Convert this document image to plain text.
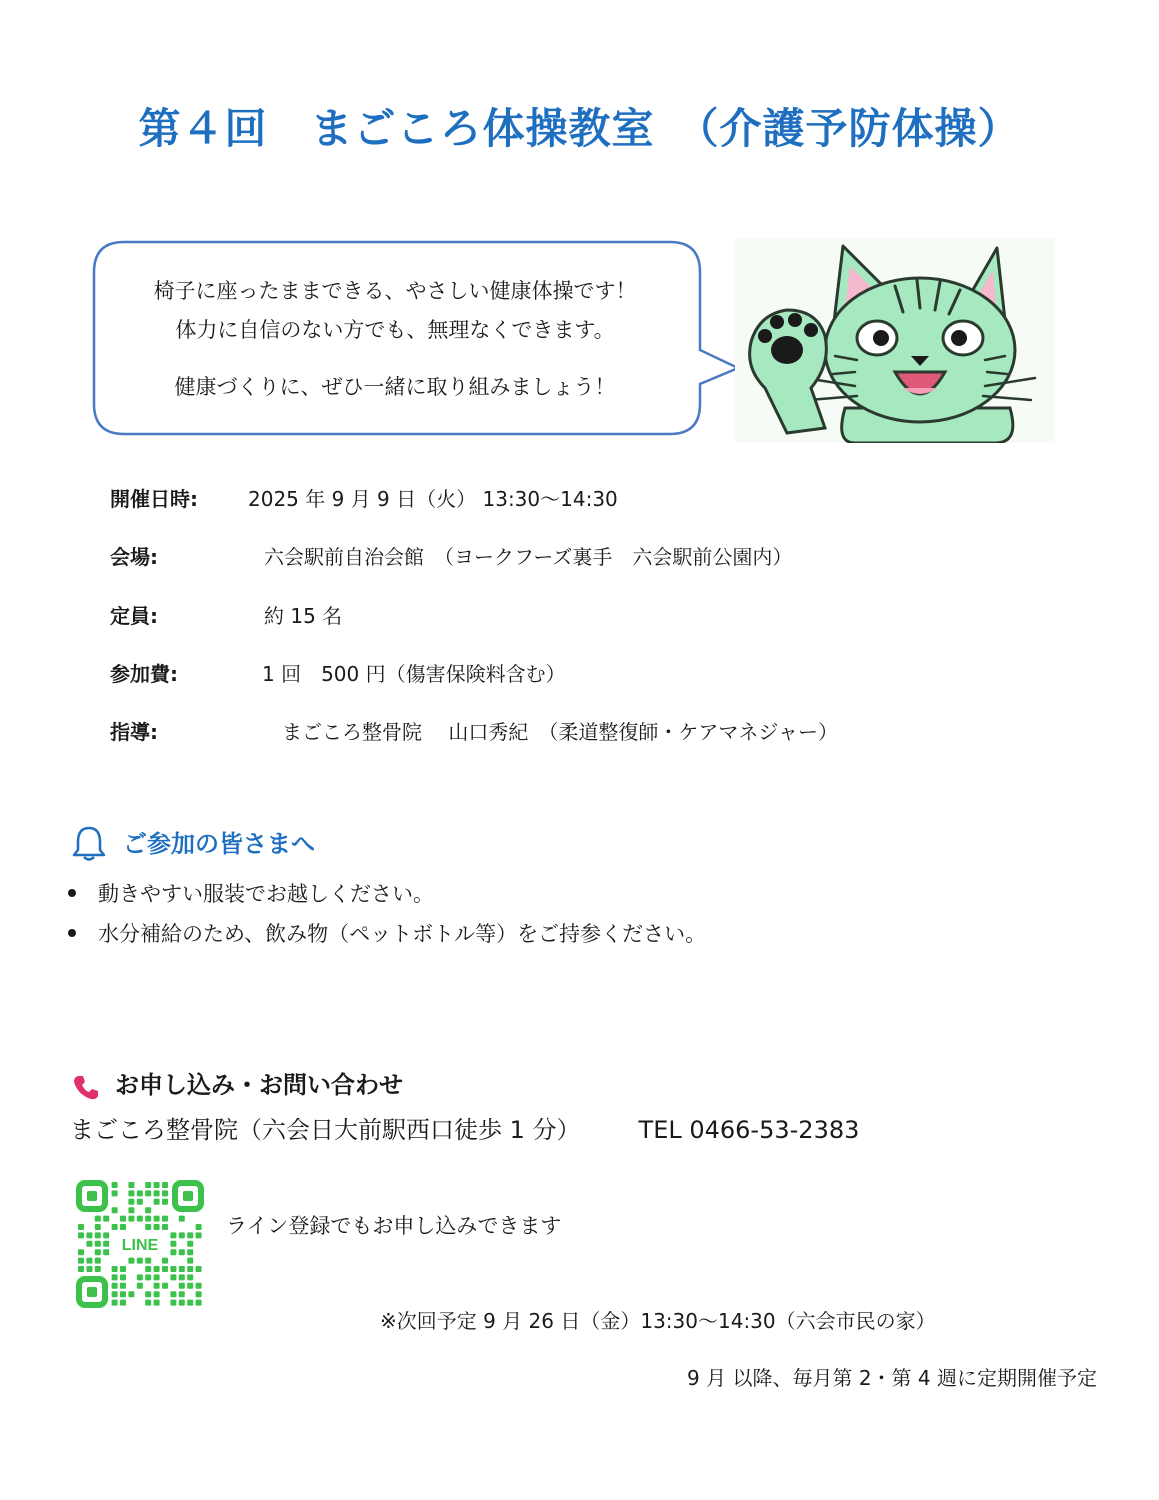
第４回　まごころ体操教室　（介護予防体操）
椅子に座ったままできる、やさしい健康体操です！
体力に自信のない方でも、無理なくできます。
健康づくりに、ぜひ一緒に取り組みましょう！
開催日時:	2025 年 9 月 9 日（火） 13:30～14:30
会場:	六会駅前自治会館　（ヨークフーズ裏手　六会駅前公園内）
定員:	約 15 名
参加費:	1 回　500 円（傷害保険料含む）
指導:	まごころ整骨院　 山口秀紀　（柔道整復師・ケアマネジャー）
ご参加の皆さまへ
動きやすい服装でお越しください。
水分補給のため、飲み物（ペットボトル等）をご持参ください。
お申し込み・お問い合わせ
まごころ整骨院（六会日大前駅西口徒歩 1 分） TEL 0466-53-2383
LINE
ライン登録でもお申し込みできます
※次回予定 9 月 26 日（金）13:30～14:30（六会市民の家）
9 月 以降、毎月第 2・第 4 週に定期開催予定
